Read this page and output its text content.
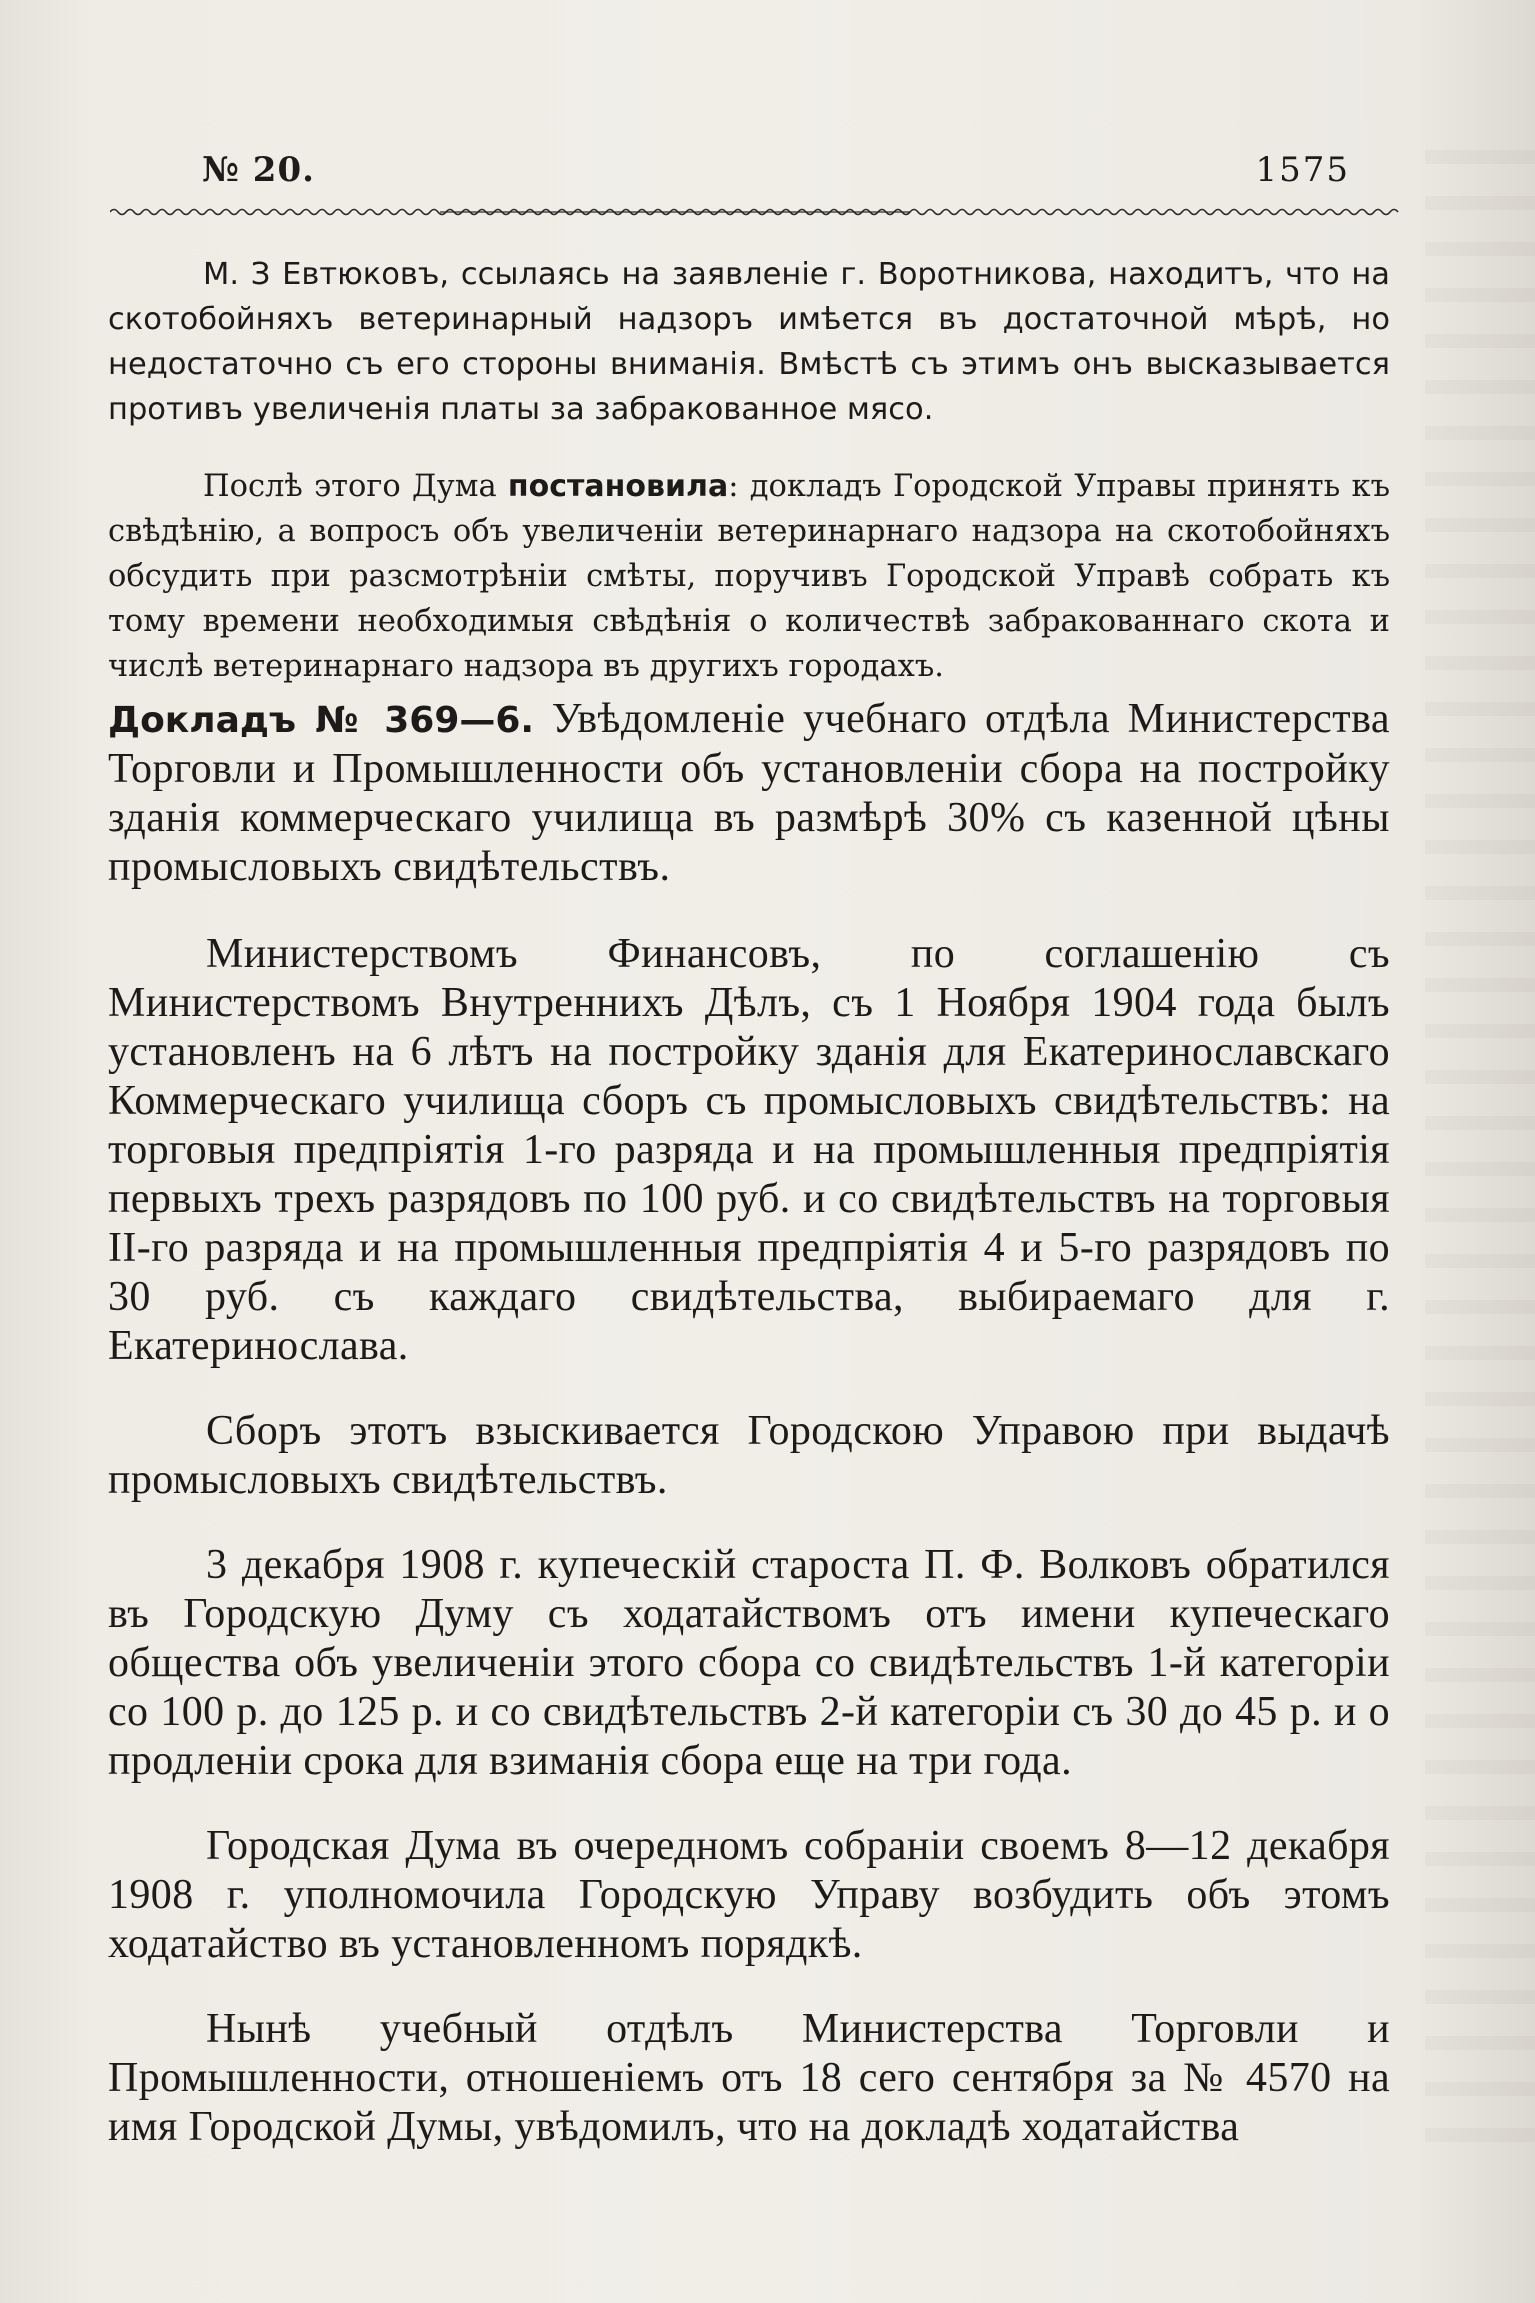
№ 20.	1575

М. З Евтюковъ, ссылаясь на заявленіе г. Воротникова, находитъ, что на скотобойняхъ ветеринарный надзоръ имѣется въ достаточной мѣрѣ, но недостаточно съ его стороны вниманія. Вмѣстѣ съ этимъ онъ высказывается противъ увеличенія платы за забракованное мясо.

Послѣ этого Дума постановила: докладъ Городской Управы принять къ свѣдѣнію, а вопросъ объ увеличеніи ветеринарнаго надзора на скотобойняхъ обсудить при разсмотрѣніи смѣты, поручивъ Городской Управѣ собрать къ тому времени необходимыя свѣдѣнія о количествѣ забракованнаго скота и числѣ ветеринарнаго надзора въ другихъ городахъ.

Докладъ № 369—6. Увѣдомленіе учебнаго отдѣла Министерства Торговли и Промышленности объ установленіи сбора на постройку зданія коммерческаго училища въ размѣрѣ 30% съ казенной цѣны промысловыхъ свидѣтельствъ.

Министерствомъ Финансовъ, по соглашенію съ Министерствомъ Внутреннихъ Дѣлъ, съ 1 Ноября 1904 года былъ установленъ на 6 лѣтъ на постройку зданія для Екатеринославскаго Коммерческаго училища сборъ съ промысловыхъ свидѣтельствъ: на торговыя предпріятія 1-го разряда и на промышленныя предпріятія первыхъ трехъ разрядовъ по 100 руб. и со свидѣтельствъ на торговыя II-го разряда и на промышленныя предпріятія 4 и 5-го разрядовъ по 30 руб. съ каждаго свидѣтельства, выбираемаго для г. Екатеринослава.

Сборъ этотъ взыскивается Городскою Управою при выдачѣ промысловыхъ свидѣтельствъ.

3 декабря 1908 г. купеческій староста П. Ф. Волковъ обратился въ Городскую Думу съ ходатайствомъ отъ имени купеческаго общества объ увеличеніи этого сбора со свидѣтельствъ 1-й категоріи со 100 р. до 125 р. и со свидѣтельствъ 2-й категоріи съ 30 до 45 р. и о продленіи срока для взиманія сбора еще на три года.

Городская Дума въ очередномъ собраніи своемъ 8—12 декабря 1908 г. уполномочила Городскую Управу возбудить объ этомъ ходатайство въ установленномъ порядкѣ.

Нынѣ учебный отдѣлъ Министерства Торговли и Промышленности, отношеніемъ отъ 18 сего сентября за № 4570 на имя Городской Думы, увѣдомилъ, что на докладѣ ходатайства
